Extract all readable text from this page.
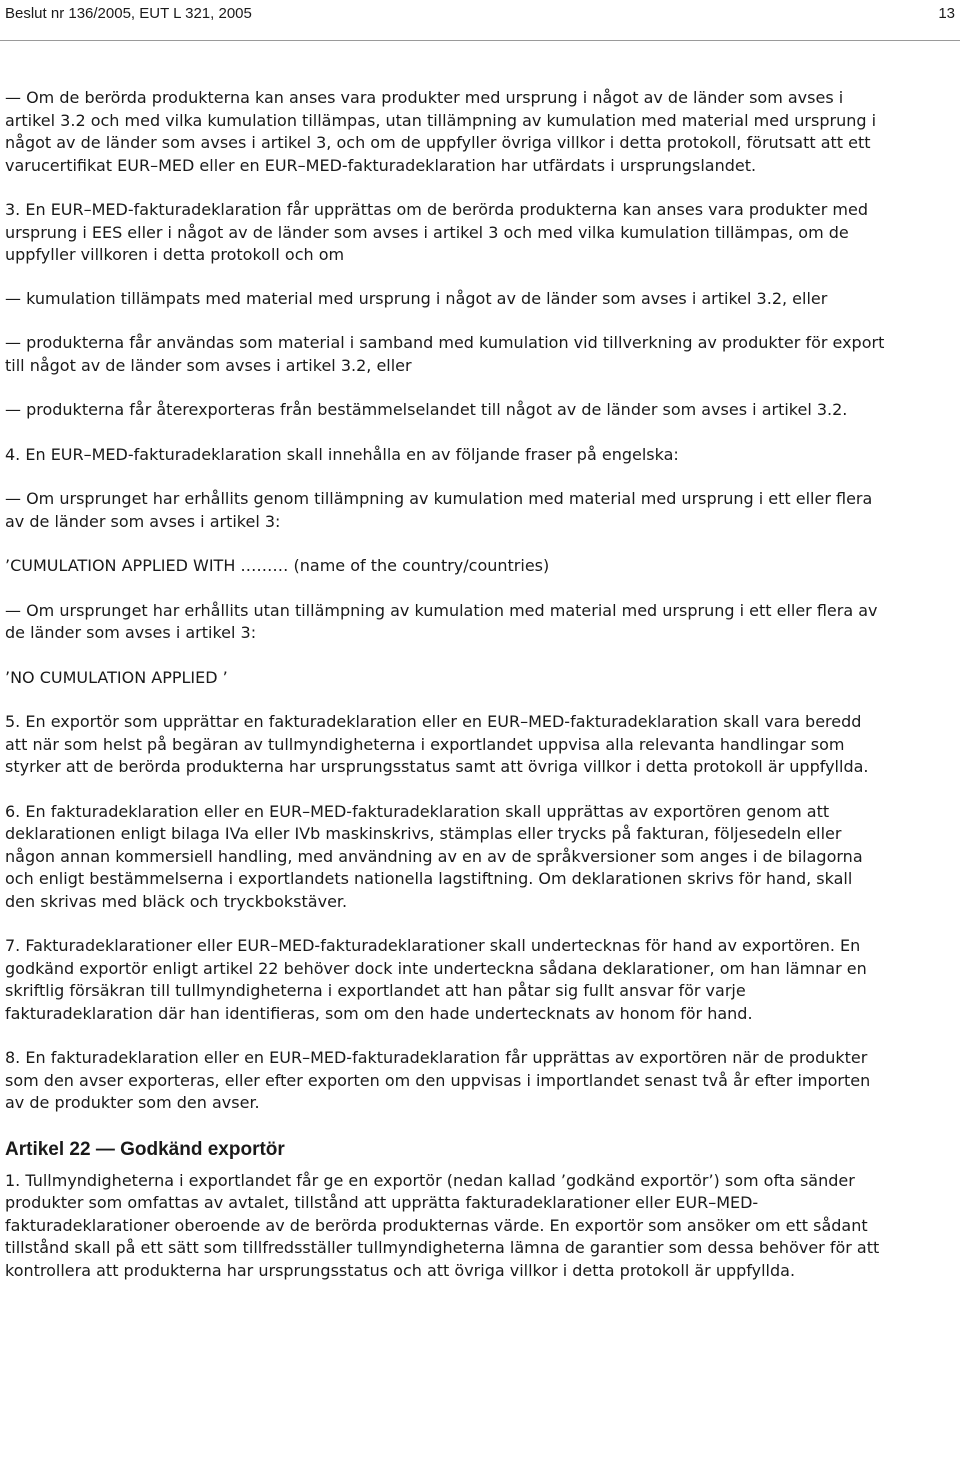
Beslut nr 136/2005, EUT L 321, 2005	13

— Om de berörda produkterna kan anses vara produkter med ursprung i något av de länder som avses i artikel 3.2 och med vilka kumulation tillämpas, utan tillämpning av kumulation med material med ursprung i något av de länder som avses i artikel 3, och om de uppfyller övriga villkor i detta protokoll, förutsatt att ett varucertifikat EUR–MED eller en EUR–MED-fakturadeklaration har utfärdats i ursprungslandet.

3. En EUR–MED-fakturadeklaration får upprättas om de berörda produkterna kan anses vara produkter med ursprung i EES eller i något av de länder som avses i artikel 3 och med vilka kumulation tillämpas, om de uppfyller villkoren i detta protokoll och om

— kumulation tillämpats med material med ursprung i något av de länder som avses i artikel 3.2, eller

— produkterna får användas som material i samband med kumulation vid tillverkning av produkter för export till något av de länder som avses i artikel 3.2, eller

— produkterna får återexporteras från bestämmelselandet till något av de länder som avses i artikel 3.2.

4. En EUR–MED-fakturadeklaration skall innehålla en av följande fraser på engelska:

— Om ursprunget har erhållits genom tillämpning av kumulation med material med ursprung i ett eller flera av de länder som avses i artikel 3:

’CUMULATION APPLIED WITH ……… (name of the country/countries)

— Om ursprunget har erhållits utan tillämpning av kumulation med material med ursprung i ett eller flera av de länder som avses i artikel 3:

’NO CUMULATION APPLIED ’

5. En exportör som upprättar en fakturadeklaration eller en EUR–MED-fakturadeklaration skall vara beredd att när som helst på begäran av tullmyndigheterna i exportlandet uppvisa alla relevanta handlingar som styrker att de berörda produkterna har ursprungsstatus samt att övriga villkor i detta protokoll är uppfyllda.

6. En fakturadeklaration eller en EUR–MED-fakturadeklaration skall upprättas av exportören genom att deklarationen enligt bilaga IVa eller IVb maskinskrivs, stämplas eller trycks på fakturan, följesedeln eller någon annan kommersiell handling, med användning av en av de språkversioner som anges i de bilagorna och enligt bestämmelserna i exportlandets nationella lagstiftning. Om deklarationen skrivs för hand, skall den skrivas med bläck och tryckbokstäver.

7. Fakturadeklarationer eller EUR–MED-fakturadeklarationer skall undertecknas för hand av exportören. En godkänd exportör enligt artikel 22 behöver dock inte underteckna sådana deklarationer, om han lämnar en skriftlig försäkran till tullmyndigheterna i exportlandet att han påtar sig fullt ansvar för varje fakturadeklaration där han identifieras, som om den hade undertecknats av honom för hand.

8. En fakturadeklaration eller en EUR–MED-fakturadeklaration får upprättas av exportören när de produkter som den avser exporteras, eller efter exporten om den uppvisas i importlandet senast två år efter importen av de produkter som den avser.

Artikel 22 — Godkänd exportör

1. Tullmyndigheterna i exportlandet får ge en exportör (nedan kallad ’godkänd exportör’) som ofta sänder produkter som omfattas av avtalet, tillstånd att upprätta fakturadeklarationer eller EUR–MED-fakturadeklarationer oberoende av de berörda produkternas värde. En exportör som ansöker om ett sådant tillstånd skall på ett sätt som tillfredsställer tullmyndigheterna lämna de garantier som dessa behöver för att kontrollera att produkterna har ursprungsstatus och att övriga villkor i detta protokoll är uppfyllda.
